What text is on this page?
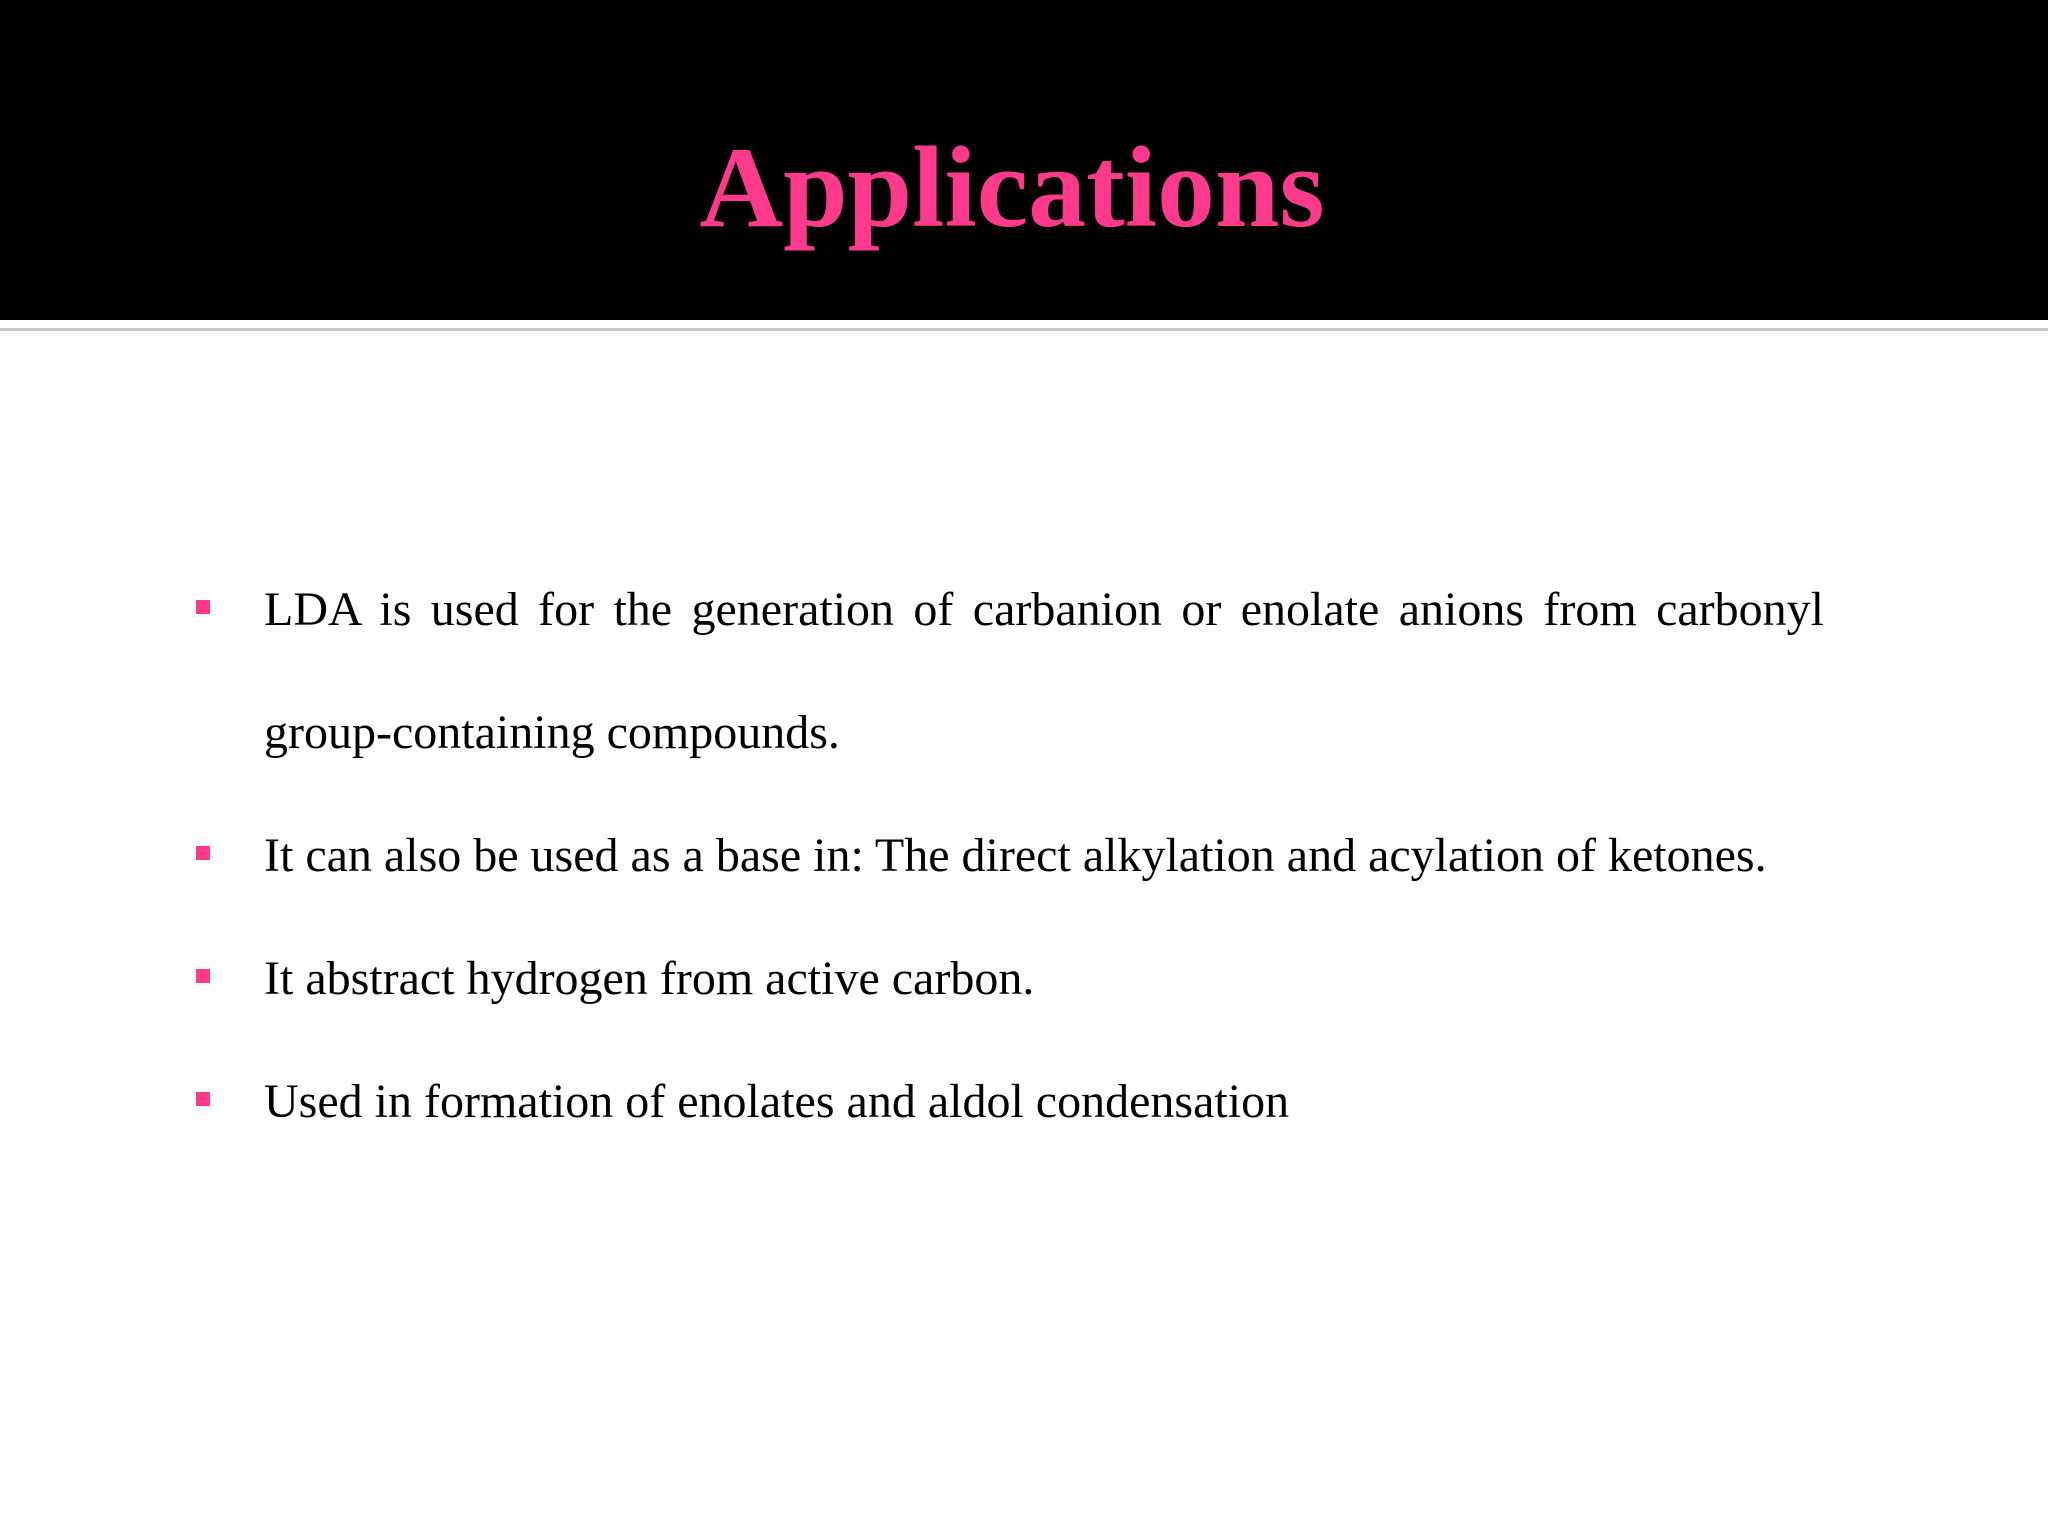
Applications
LDA is used for the generation of carbanion or enolate anions from carbonyl group-containing compounds.
It can also be used as a base in: The direct alkylation and acylation of ketones.
It abstract hydrogen from active carbon.
Used in formation of enolates and aldol condensation
